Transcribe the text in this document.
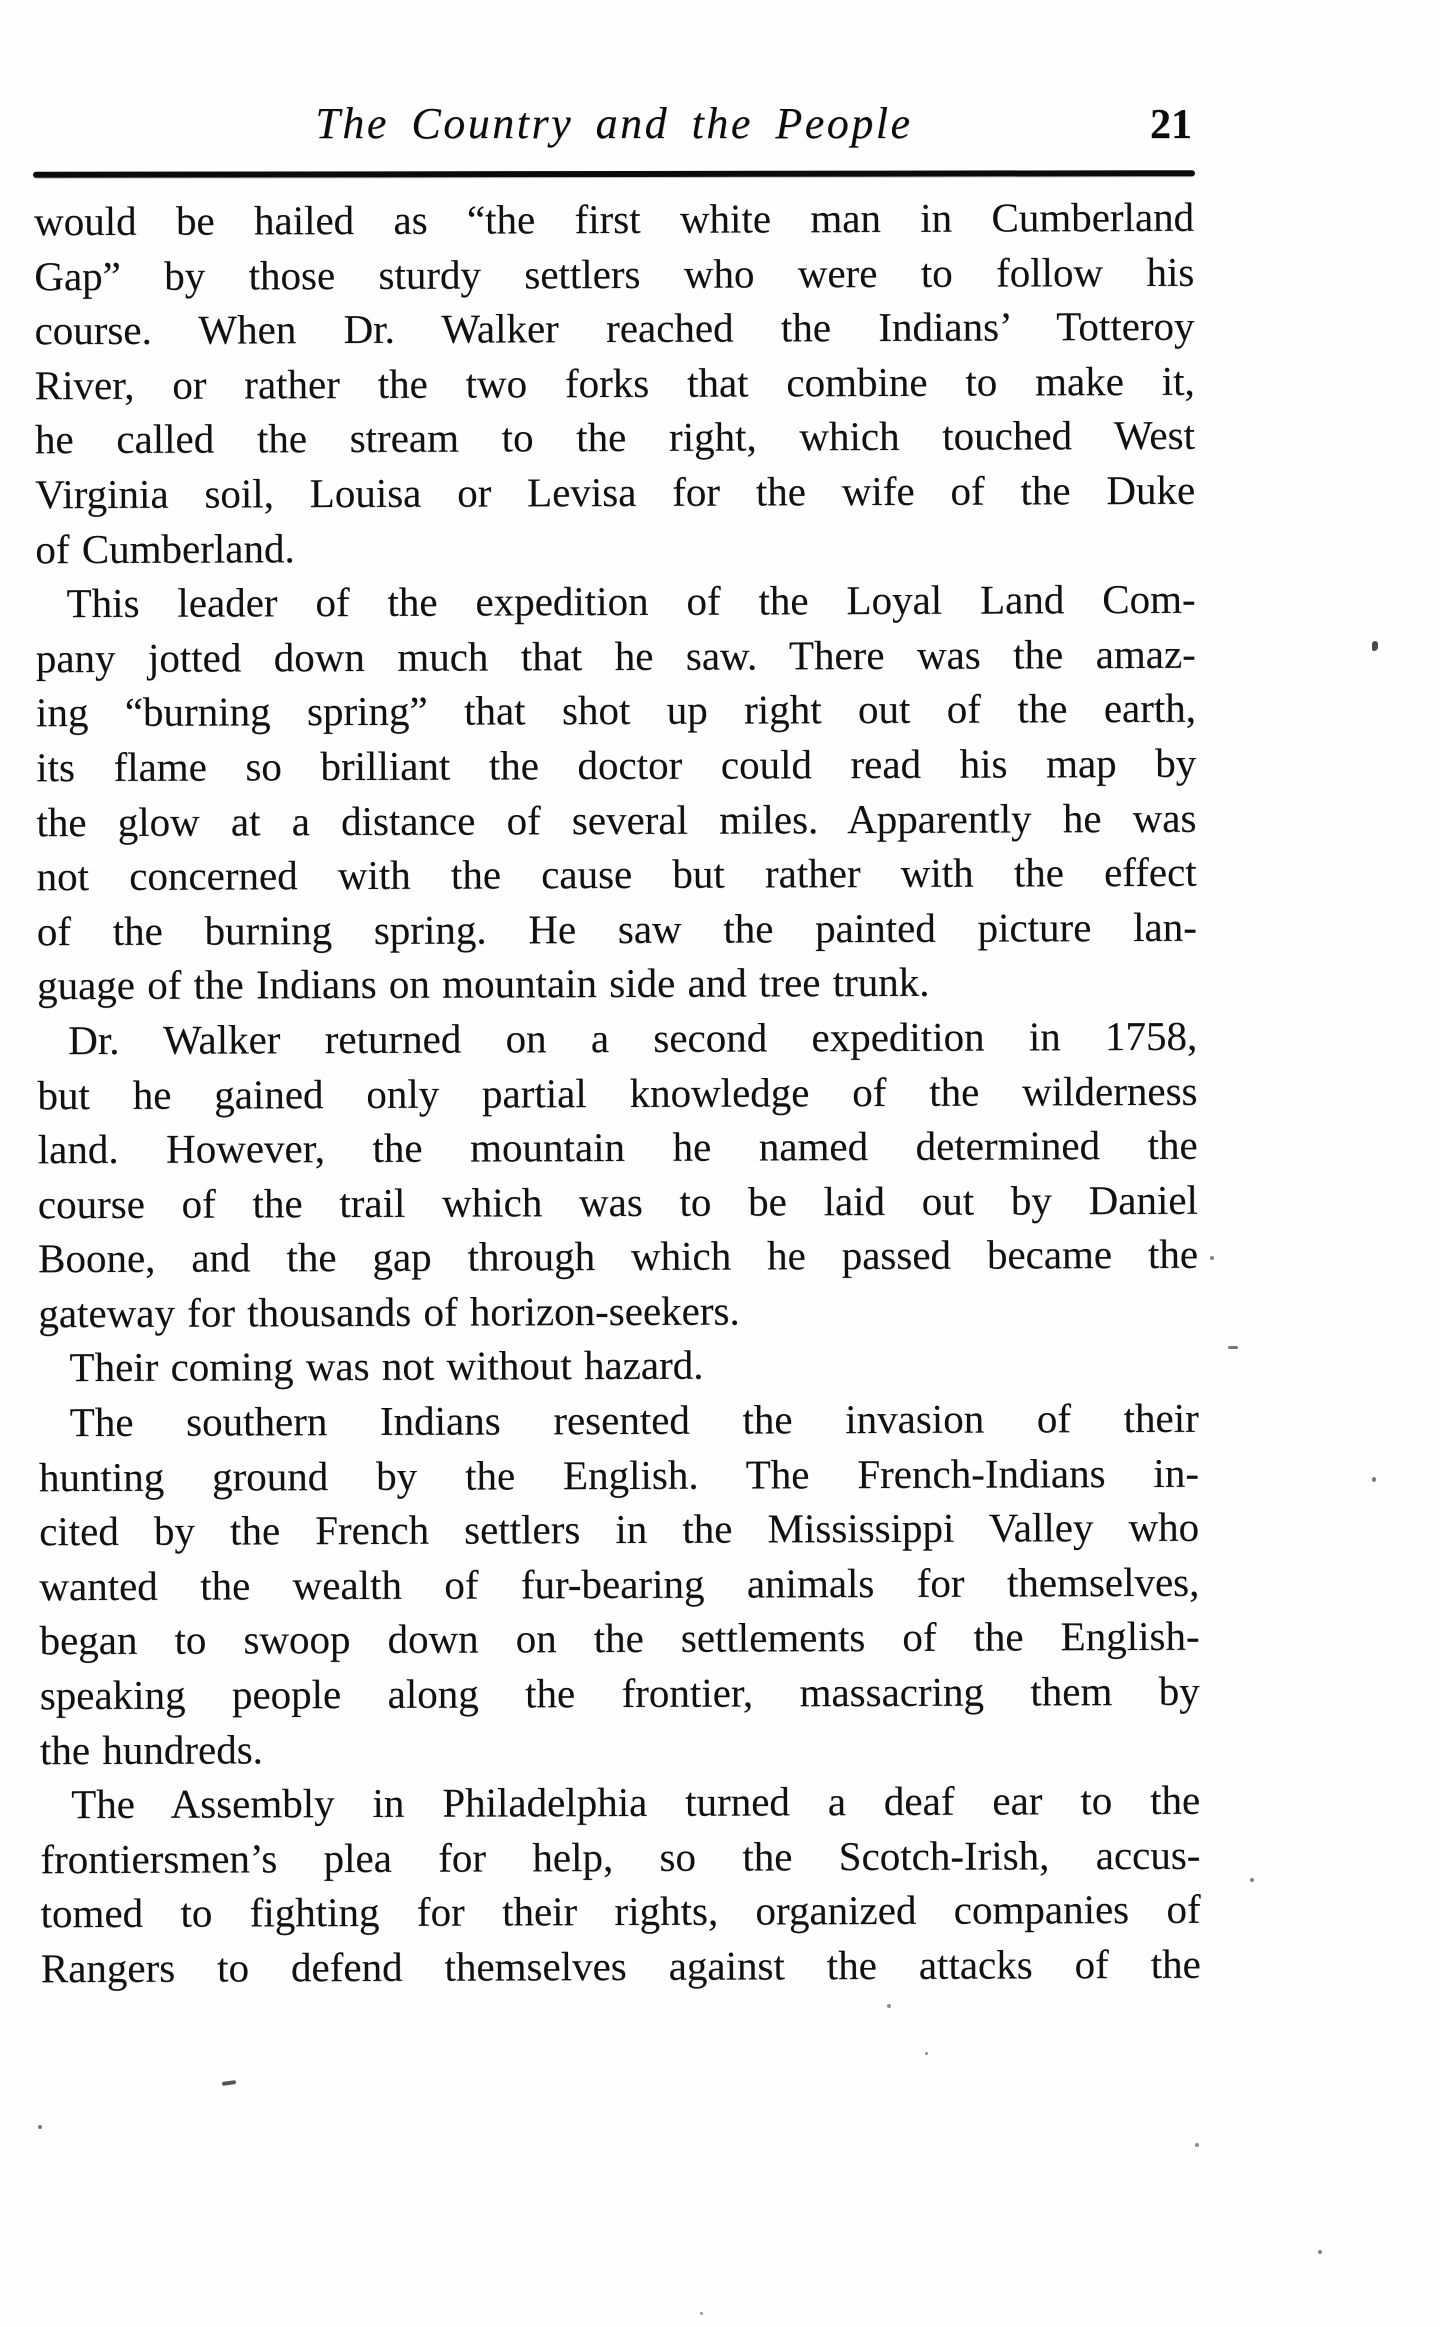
The Country and the People	21
would be hailed as “the first white man in Cumberland
Gap” by those sturdy settlers who were to follow his
course. When Dr. Walker reached the Indians’ Totteroy
River, or rather the two forks that combine to make it,
he called the stream to the right, which touched West
Virginia soil, Louisa or Levisa for the wife of the Duke
of Cumberland.
This leader of the expedition of the Loyal Land Com-
pany jotted down much that he saw. There was the amaz-
ing “burning spring” that shot up right out of the earth,
its flame so brilliant the doctor could read his map by
the glow at a distance of several miles. Apparently he was
not concerned with the cause but rather with the effect
of the burning spring. He saw the painted picture lan-
guage of the Indians on mountain side and tree trunk.
Dr. Walker returned on a second expedition in 1758,
but he gained only partial knowledge of the wilderness
land. However, the mountain he named determined the
course of the trail which was to be laid out by Daniel
Boone, and the gap through which he passed became the
gateway for thousands of horizon-seekers.
Their coming was not without hazard.
The southern Indians resented the invasion of their
hunting ground by the English. The French-Indians in-
cited by the French settlers in the Mississippi Valley who
wanted the wealth of fur-bearing animals for themselves,
began to swoop down on the settlements of the English-
speaking people along the frontier, massacring them by
the hundreds.
The Assembly in Philadelphia turned a deaf ear to the
frontiersmen’s plea for help, so the Scotch-Irish, accus-
tomed to fighting for their rights, organized companies of
Rangers to defend themselves against the attacks of the
